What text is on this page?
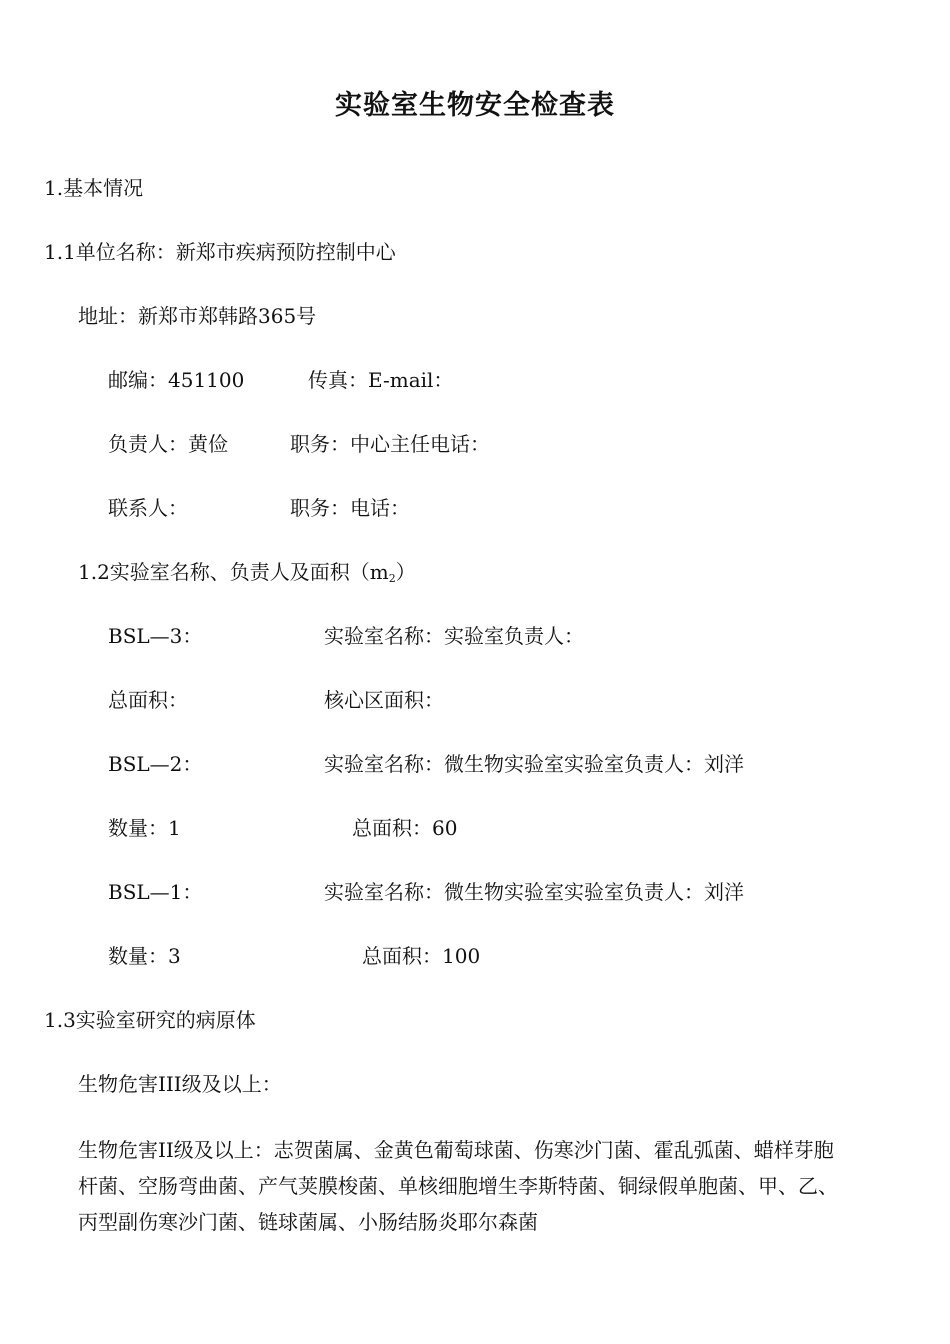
实验室生物安全检查表
1.基本情况
1.1单位名称：新郑市疾病预防控制中心
地址：新郑市郑韩路365号
邮编：451100	传真：E-mail：
负责人：黄俭	职务：中心主任电话：
联系人：	职务：电话：
1.2实验室名称、负责人及面积$(m_2)$
BSL—3：	实验室名称：实验室负责人：
总面积：	核心区面积：
BSL—2：	实验室名称：微生物实验室实验室负责人：刘洋
数量：1	总面积：60
BSL—1：	实验室名称：微生物实验室实验室负责人：刘洋
数量：3	总面积：100
1.3实验室研究的病原体
生物危害III级及以上：
生物危害II级及以上：志贺菌属、金黄色葡萄球菌、伤寒沙门菌、霍乱弧菌、蜡样芽胞杆菌、空肠弯曲菌、产气荚膜梭菌、单核细胞增生李斯特菌、铜绿假单胞菌、甲、乙、丙型副伤寒沙门菌、链球菌属、小肠结肠炎耶尔森菌
